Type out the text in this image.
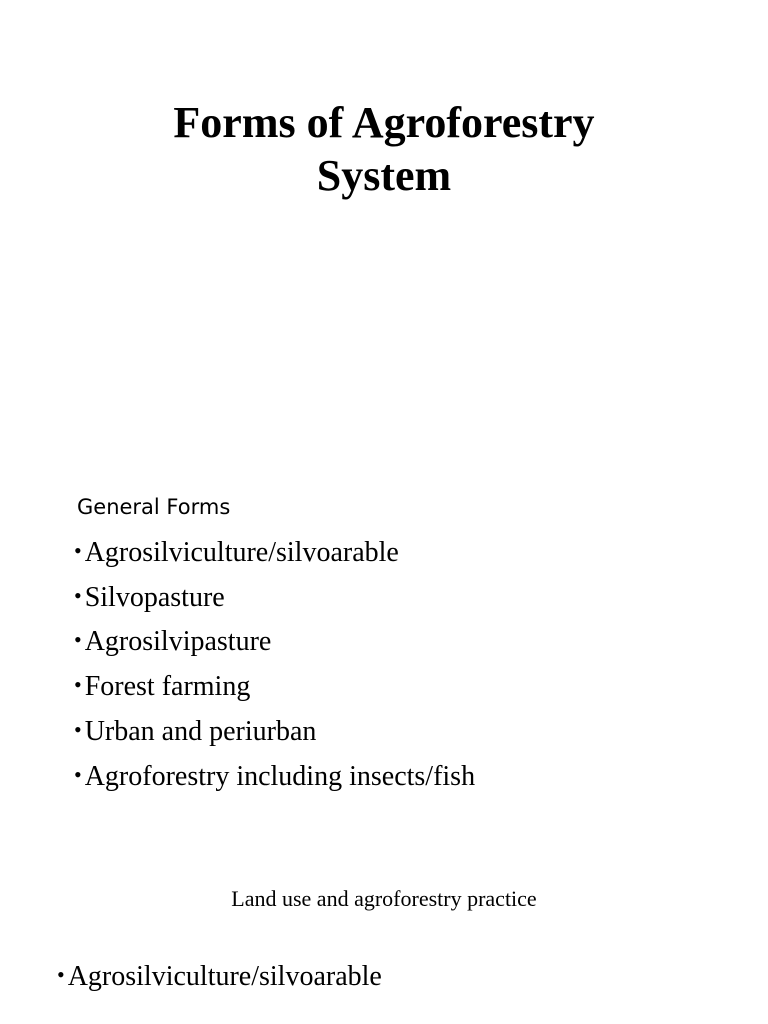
Forms of Agroforestry
System
General Forms
• Agrosilviculture/silvoarable
• Silvopasture
• Agrosilvipasture
• Forest farming
• Urban and periurban
• Agroforestry including insects/fish
Land use and agroforestry practice
• Agrosilviculture/silvoarable
